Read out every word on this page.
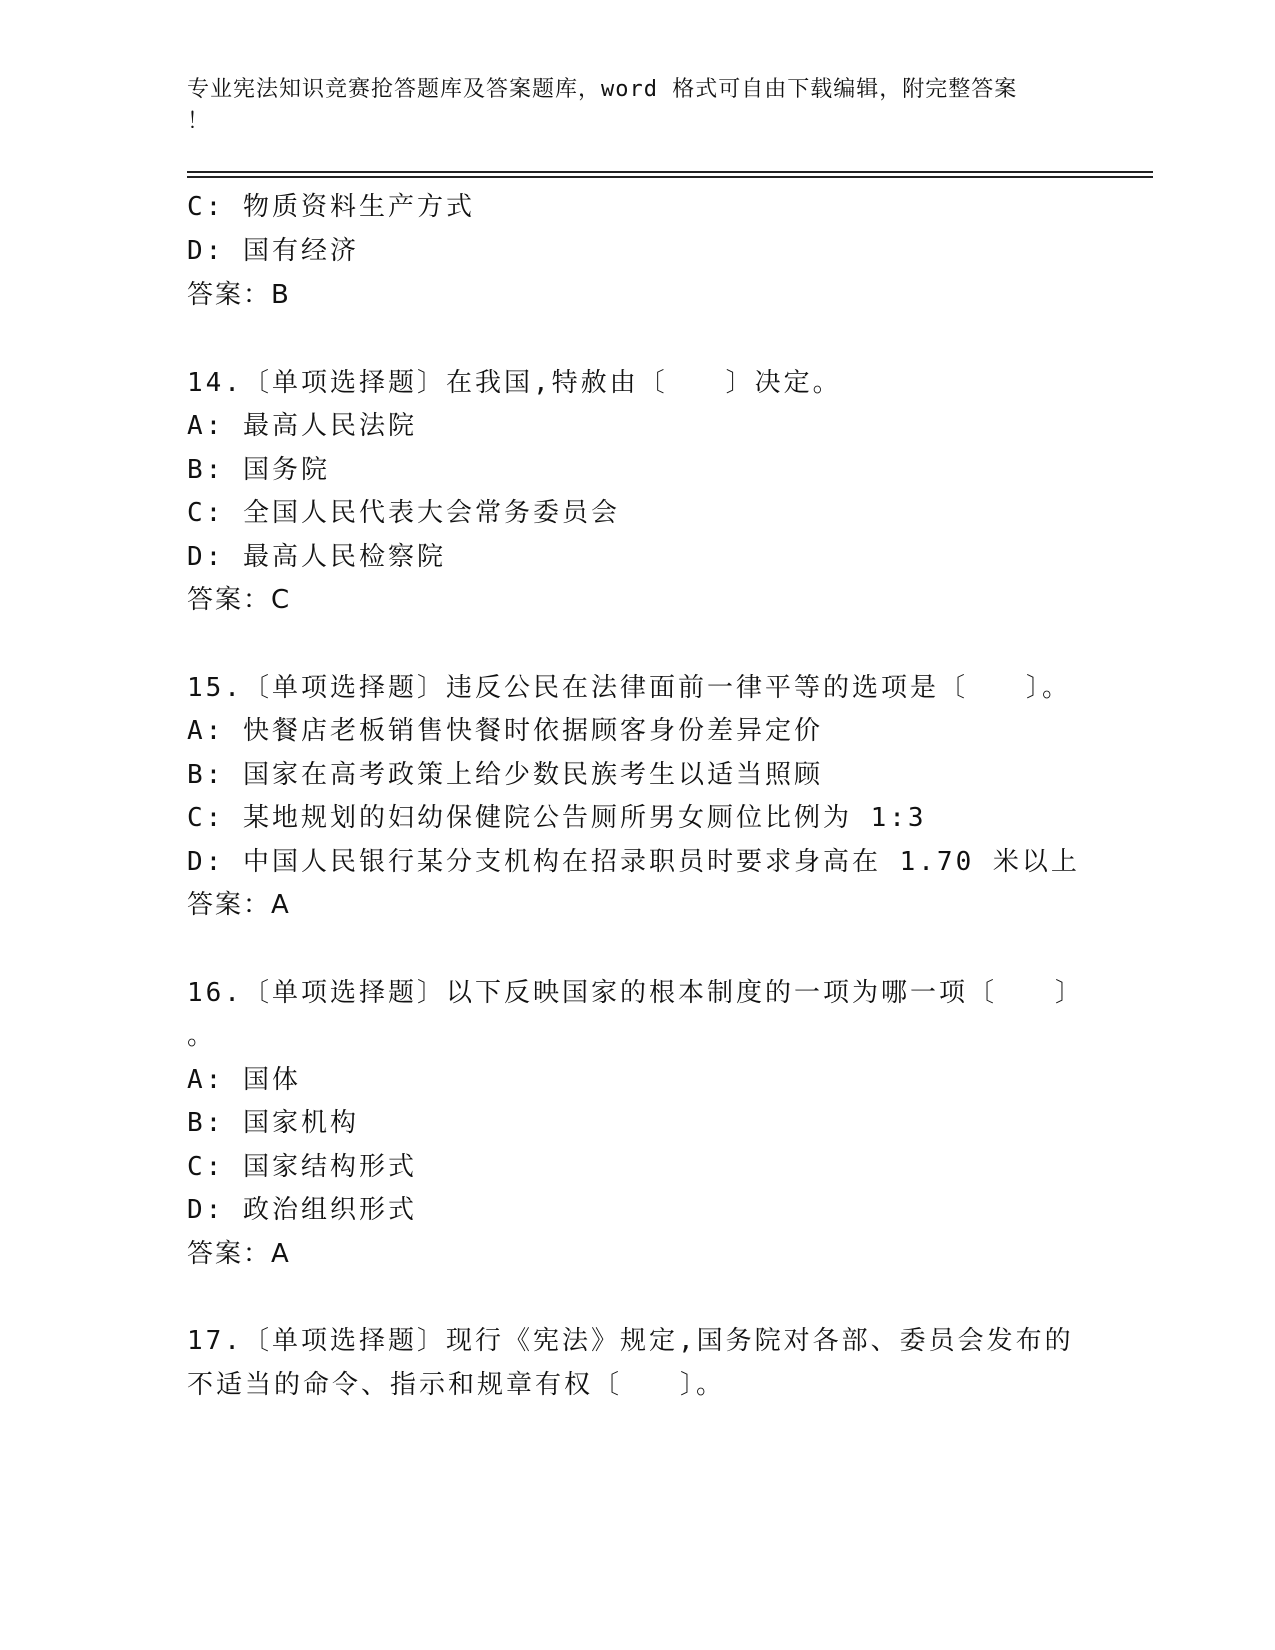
专业宪法知识竞赛抢答题库及答案题库，word 格式可自由下载编辑，附完整答案
！
C: 物质资料生产方式
D: 国有经济
答案：B
14.〔单项选择题〕在我国,特赦由〔　　〕决定。
A: 最高人民法院
B: 国务院
C: 全国人民代表大会常务委员会
D: 最高人民检察院
答案：C
15.〔单项选择题〕违反公民在法律面前一律平等的选项是〔　　〕。
A: 快餐店老板销售快餐时依据顾客身份差异定价
B: 国家在高考政策上给少数民族考生以适当照顾
C: 某地规划的妇幼保健院公告厕所男女厕位比例为 1:3
D: 中国人民银行某分支机构在招录职员时要求身高在 1.70 米以上
答案：A
16.〔单项选择题〕以下反映国家的根本制度的一项为哪一项〔　　〕
。
A: 国体
B: 国家机构
C: 国家结构形式
D: 政治组织形式
答案：A
17.〔单项选择题〕现行《宪法》规定,国务院对各部、委员会发布的
不适当的命令、指示和规章有权〔　　〕。
